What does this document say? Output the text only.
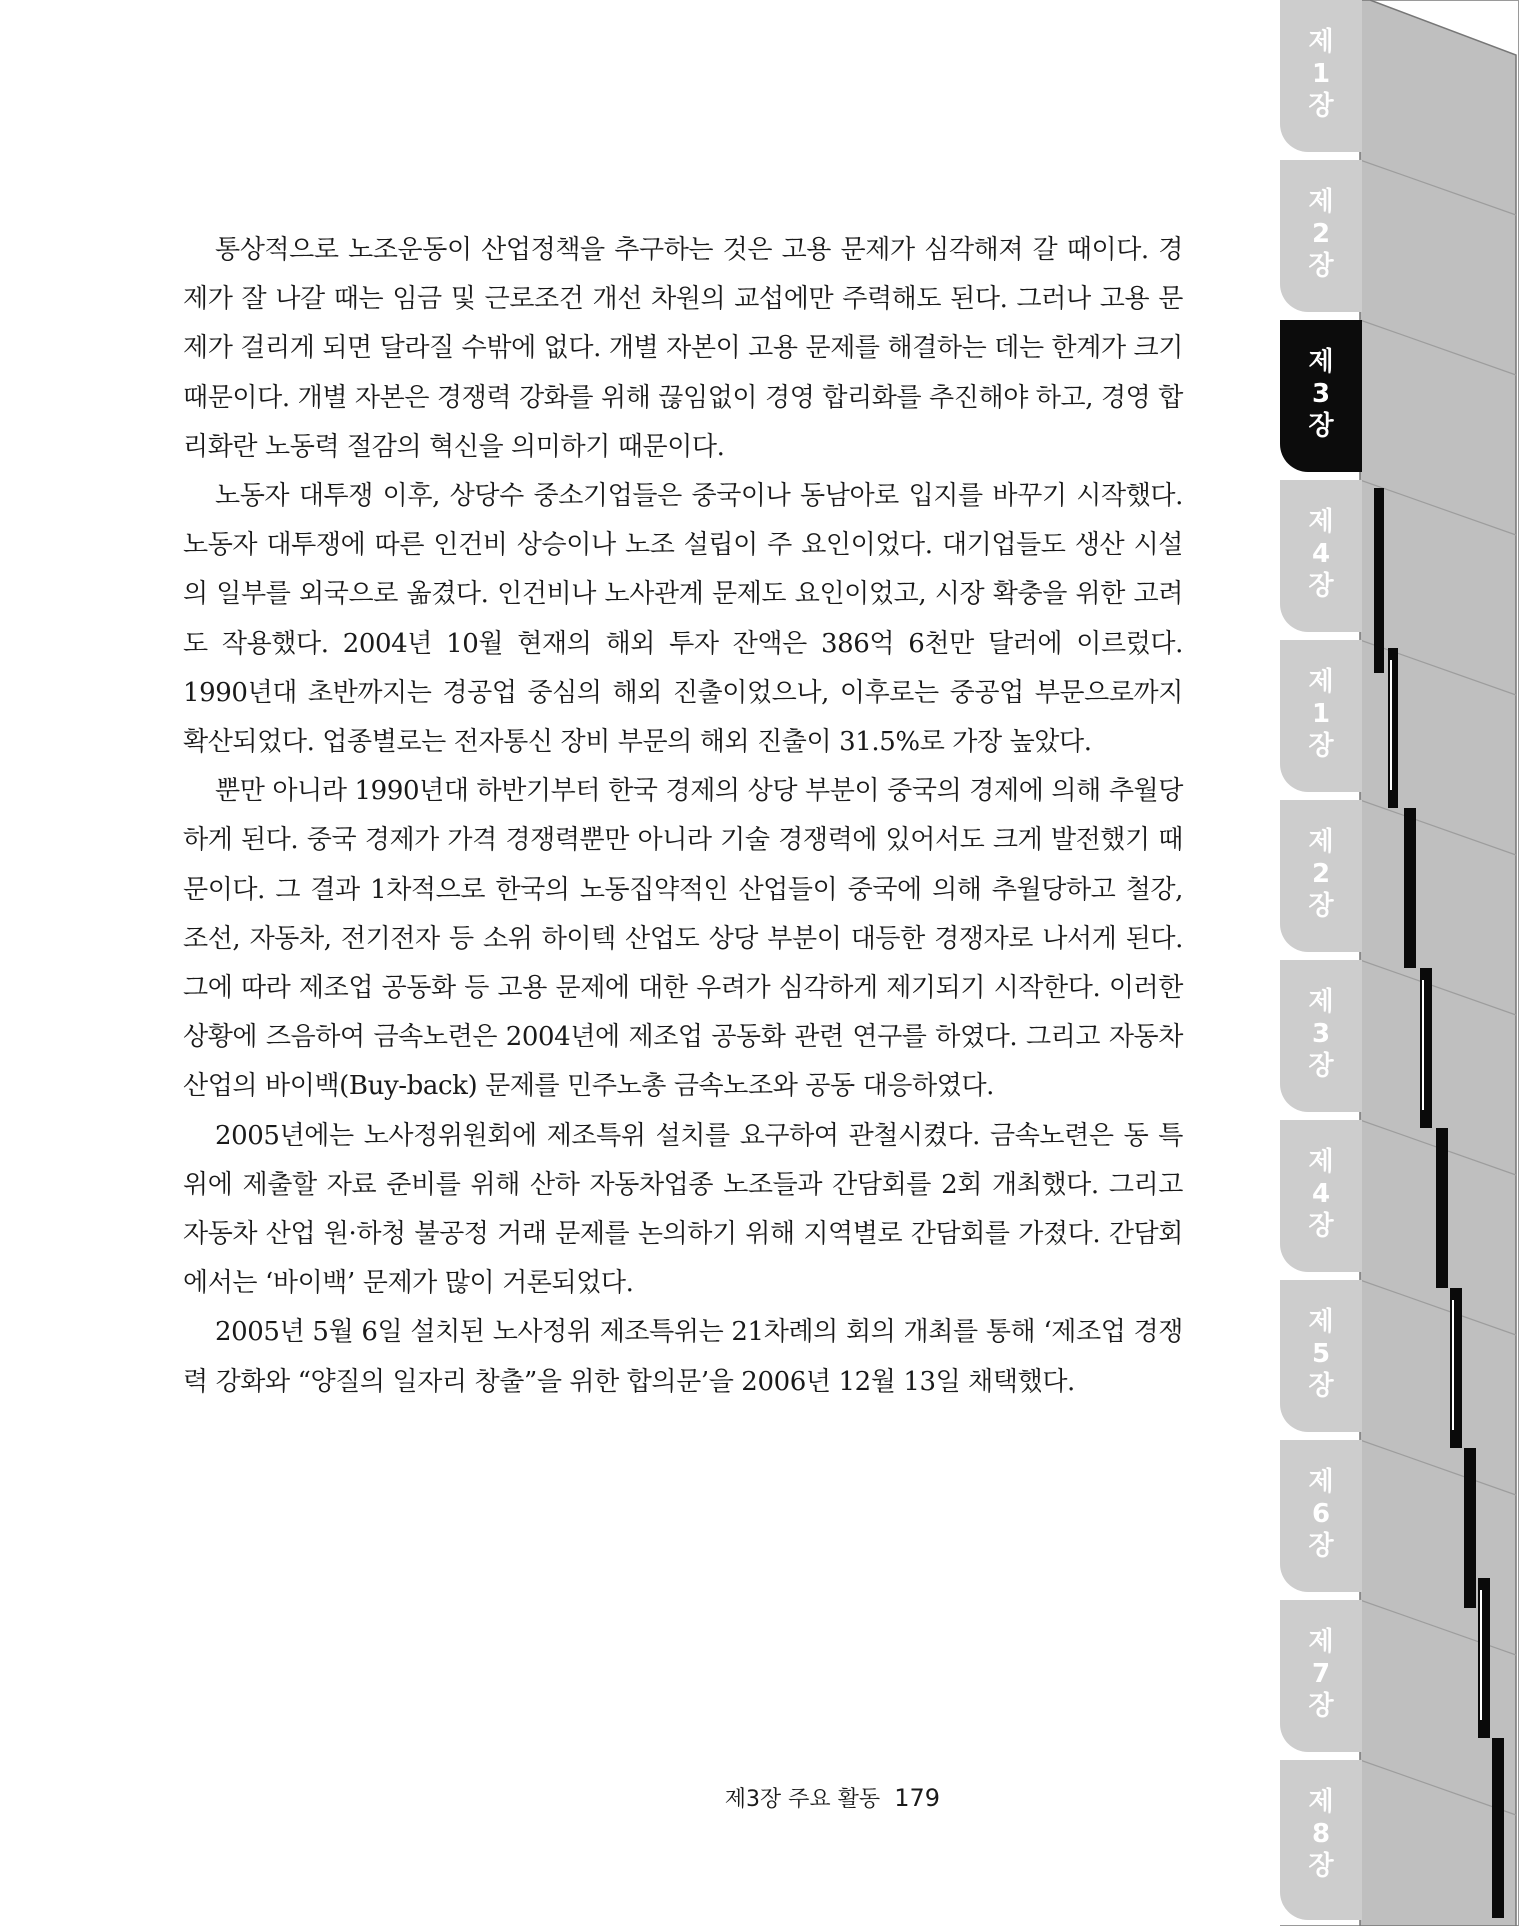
통상적으로 노조운동이 산업정책을 추구하는 것은 고용 문제가 심각해져 갈 때이다. 경제가 잘 나갈 때는 임금 및 근로조건 개선 차원의 교섭에만 주력해도 된다. 그러나 고용 문제가 걸리게 되면 달라질 수밖에 없다. 개별 자본이 고용 문제를 해결하는 데는 한계가 크기 때문이다. 개별 자본은 경쟁력 강화를 위해 끊임없이 경영 합리화를 추진해야 하고, 경영 합리화란 노동력 절감의 혁신을 의미하기 때문이다.

노동자 대투쟁 이후, 상당수 중소기업들은 중국이나 동남아로 입지를 바꾸기 시작했다. 노동자 대투쟁에 따른 인건비 상승이나 노조 설립이 주 요인이었다. 대기업들도 생산 시설의 일부를 외국으로 옮겼다. 인건비나 노사관계 문제도 요인이었고, 시장 확충을 위한 고려도 작용했다. 2004년 10월 현재의 해외 투자 잔액은 386억 6천만 달러에 이르렀다. 1990년대 초반까지는 경공업 중심의 해외 진출이었으나, 이후로는 중공업 부문으로까지 확산되었다. 업종별로는 전자통신 장비 부문의 해외 진출이 31.5%로 가장 높았다.

뿐만 아니라 1990년대 하반기부터 한국 경제의 상당 부분이 중국의 경제에 의해 추월당하게 된다. 중국 경제가 가격 경쟁력뿐만 아니라 기술 경쟁력에 있어서도 크게 발전했기 때문이다. 그 결과 1차적으로 한국의 노동집약적인 산업들이 중국에 의해 추월당하고 철강, 조선, 자동차, 전기전자 등 소위 하이텍 산업도 상당 부분이 대등한 경쟁자로 나서게 된다. 그에 따라 제조업 공동화 등 고용 문제에 대한 우려가 심각하게 제기되기 시작한다. 이러한 상황에 즈음하여 금속노련은 2004년에 제조업 공동화 관련 연구를 하였다. 그리고 자동차 산업의 바이백(Buy-back) 문제를 민주노총 금속노조와 공동 대응하였다.

2005년에는 노사정위원회에 제조특위 설치를 요구하여 관철시켰다. 금속노련은 동 특위에 제출할 자료 준비를 위해 산하 자동차업종 노조들과 간담회를 2회 개최했다. 그리고 자동차 산업 원·하청 불공정 거래 문제를 논의하기 위해 지역별로 간담회를 가졌다. 간담회에서는 ‘바이백’ 문제가 많이 거론되었다.

2005년 5월 6일 설치된 노사정위 제조특위는 21차례의 회의 개최를 통해 ‘제조업 경쟁력 강화와 “양질의 일자리 창출”을 위한 합의문’을 2006년 12월 13일 채택했다.

제3장 주요 활동 179
제
1
장
제
2
장
제
3
장
제
4
장
제
1
장
제
2
장
제
3
장
제
4
장
제
5
장
제
6
장
제
7
장
제
8
장
